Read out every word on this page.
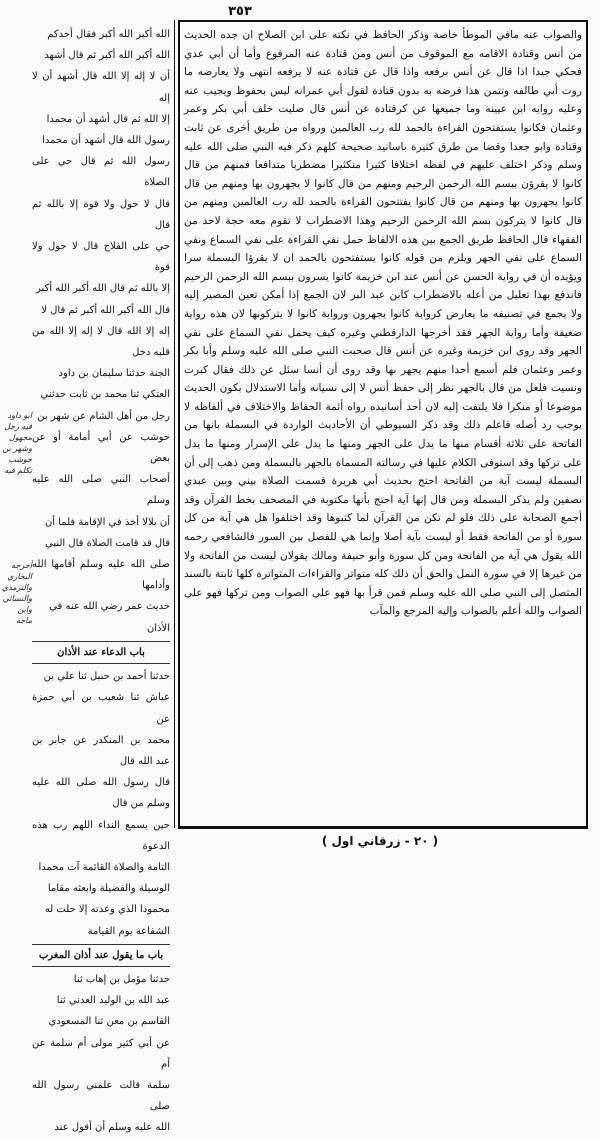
٣٥٣

والصواب عنه مافي الموطأ خاصة وذكر الحافظ في نكته على ابن الصلاح ان جده الحديث من أنس وقتادة الاقامه مع الموقوف من أنس ومن قتادة عنه المرفوع وأما أن أبي عدي فحكي جيدا اذا قال عن أنس برفعه واذا قال عن قتادة عنه لا يرفعه انتهى ولا يعارضه ما روت أبي طالفه وتتمن هذا فرضه به بدون قتادة لقول أبي عمرانه ليس بحفوظ ويجيب عنه وعليه روايه ابن عيينه وما جميعها عن كرقتادة عن أنس قال صليت خلف أبي بكر وعمر وعثمان فكانوا يستفتحون القراءة بالحمد لله رب العالمين ورواه من طريق أخرى عن ثابت وقتادة وابو جعدا وقضا من طرق كثيرة باسانيد صحيحة كلهم ذكر فيه النبي صلى الله عليه وسلم وذكر اختلف عليهم في لفظه اختلافا كثيرا متكثيرا مضطربا متدافعا فمنهم من قال كانوا لا يقرؤن ببسم الله الرحمن الرحيم ومنهم من قال كانوا لا يجهرون بها ومنهم من قال كانوا يجهرون بها ومنهم من قال كانوا يفتتحون القراءة بالحمد لله رب العالمين ومنهم من قال كانوا لا يتركون بسم الله الرحمن الرحيم وهذا الاضطراب لا تقوم معه حجة لاحد من الفقهاء قال الحافظ طريق الجمع بين هذه الالفاظ حمل نفي القراءة على نفي السماع ونفي السماع على نفي الجهر ويلزم من قوله كانوا يستفتحون بالحمد ان لا يقرؤا البسملة سرا ويؤيده أن في رواية الحسن عن أنس عند ابن خزيمة كانوا يسرون ببسم الله الرحمن الرحيم فاندفع بهذا تعليل من أعله بالاضطراب كابن عبد البر لان الجمع إذا أمكن تعين المصير إليه ولا يجمع في تصنيفه ما يعارض كرواية كانوا يجهرون ورواية كانوا لا يتركونها لان هذه رواية ضعيفة وأما رواية الجهر فقد أخرجها الدارقطني وغيره كيف يحمل نفي السماع على نفي الجهر وقد روى ابن خزيمة وغيره عن أنس قال صحبت النبي صلى الله عليه وسلم وأبا بكر وعمر وعثمان فلم أسمع أحدا منهم يجهر بها وقد روى أن أنسا سئل عن ذلك فقال كبرت ونسيت فلعل من قال بالجهر نظر إلى حفظ أنس لا إلى نسيانه وأما الاستدلال بكون الحديث موضوعا أو منكرا فلا يلتفت إليه لان أحد أسانيده رواه أئمة الحفاظ والاختلاف في ألفاظه لا يوجب رد أصله فاعلم ذلك وقد ذكر السيوطي أن الأحاديث الواردة في البسملة بانها من الفاتحة على ثلاثة أقسام منها ما يدل على الجهر ومنها ما يدل على الإسرار ومنها ما يدل على تركها وقد استوفى الكلام عليها في رسالته المسماة بالجهر بالبسملة ومن ذهب إلى أن البسملة ليست آية من الفاتحة احتج بحديث أبي هريرة قسمت الصلاة بيني وبين عبدي نصفين ولم يذكر البسملة ومن قال إنها آية احتج بأنها مكتوبة في المصحف بخط القرآن وقد أجمع الصحابة على ذلك فلو لم تكن من القرآن لما كتبوها وقد اختلفوا هل هي آية من كل سورة أو من الفاتحة فقط أو ليست بآية أصلا وإنما هي للفصل بين السور فالشافعي رحمه الله يقول هي آية من الفاتحة ومن كل سورة وأبو حنيفة ومالك يقولان ليست من الفاتحة ولا من غيرها إلا في سورة النمل والحق أن ذلك كله متواتر والقراءات المتواترة كلها ثابتة بالسند المتصل إلى النبي صلى الله عليه وسلم فمن قرأ بها فهو على الصواب ومن تركها فهو على الصواب والله أعلم بالصواب وإليه المرجع والمآب

الله أكبر الله أكبر فقال أحدكم

الله أكبر الله أكبر ثم قال أشهد

أن لا إله إلا الله قال أشهد أن لا إله

إلا الله ثم قال أشهد أن محمدا

رسول الله قال أشهد أن محمدا

رسول الله ثم قال حي على الصلاة

قال لا حول ولا قوة إلا بالله ثم قال

حي على الفلاح قال لا حول ولا قوة

إلا بالله ثم قال الله أكبر الله أكبر

قال الله أكبر الله أكبر ثم قال لا

إله إلا الله قال لا إله إلا الله من قلبه دخل

الجنة حدثنا سليمان بن داود

العتكي ثنا محمد بن ثابت حدثني

رجل من أهل الشام عن شهر بن

حوشب عن أبي أمامة أو عن بعض

أصحاب النبي صلى الله عليه وسلم

أن بلالا أخذ في الإقامة فلما أن

قال قد قامت الصلاة قال النبي

صلى الله عليه وسلم أقامها الله وأدامها

حديث عمر رضي الله عنه في

الأذان

باب الدعاء عند الأذان

حدثنا أحمد بن حنبل ثنا علي بن

عياش ثنا شعيب بن أبي حمزة عن

محمد بن المنكدر عن جابر بن عبد الله قال

قال رسول الله صلى الله عليه وسلم من قال

حين يسمع النداء اللهم رب هذه الدعوة

التامة والصلاة القائمة آت محمدا

الوسيلة والفضيلة وابعثه مقاما

محمودا الذي وعدته إلا حلت له

الشفاعة يوم القيامة

باب ما يقول عند أذان المغرب

حدثنا مؤمل بن إهاب ثنا

عبد الله بن الوليد العدني ثنا

القاسم بن معن ثنا المسعودي

عن أبي كثير مولى أم سلمة عن أم

سلمة قالت علمني رسول الله صلى

الله عليه وسلم أن أقول عند

ابو داود فيه رجل مجهول وشهر بن حوشب تكلم فيه
أخرجه البخاري والترمذي والنسائي وابن ماجه
( ٢٠ - زرقاني اول )
